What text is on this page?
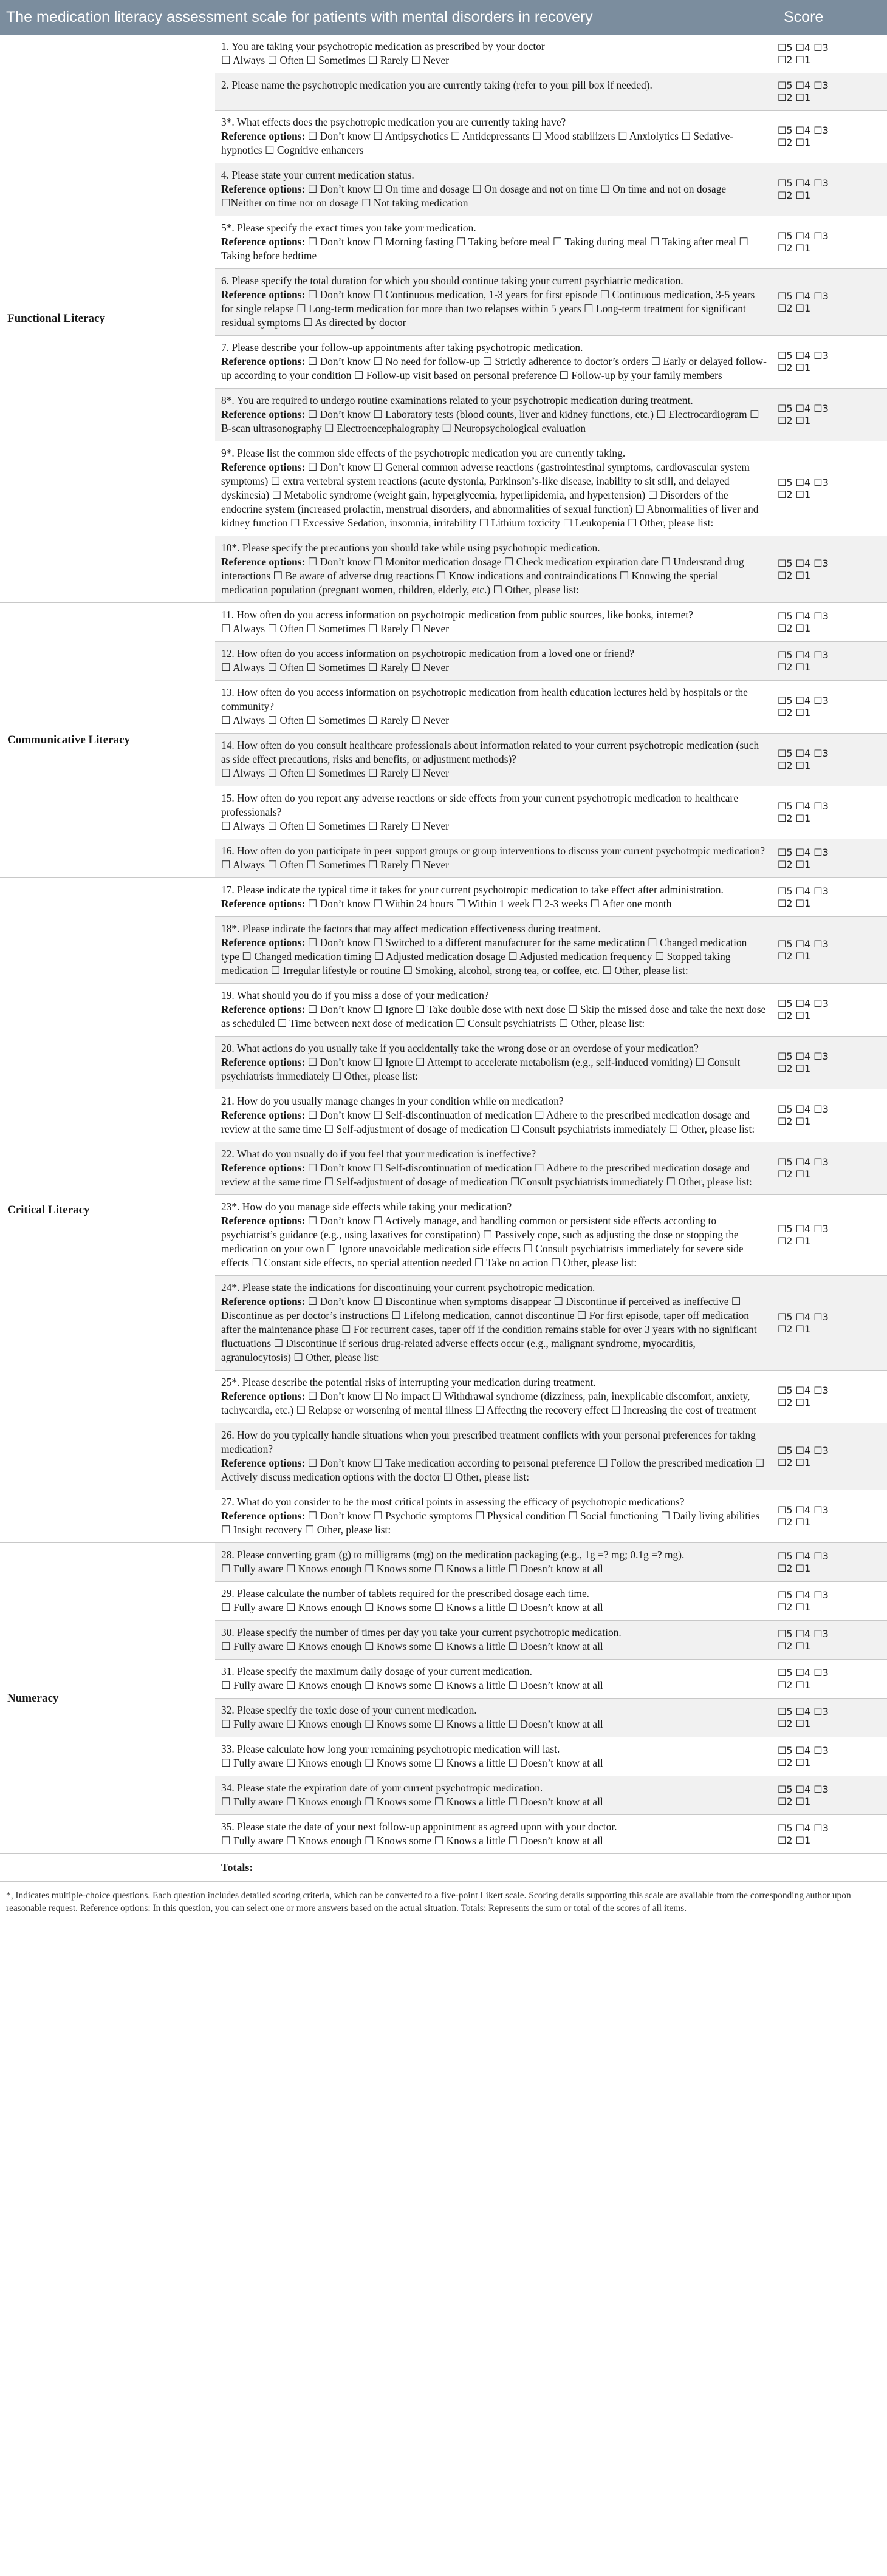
The medication literacy assessment scale for patients with mental disorders in recovery	Score
Functional Literacy	1. You are taking your psychotropic medication as prescribed by your doctor
☐ Always ☐ Often ☐ Sometimes ☐ Rarely ☐ Never	☐5 ☐4 ☐3
☐2 ☐1

	2. Please name the psychotropic medication you are currently taking (refer to your pill box if needed).	☐5 ☐4 ☐3
☐2 ☐1

	3*. What effects does the psychotropic medication you are currently taking have?
Reference options: ☐ Don’t know ☐ Antipsychotics ☐ Antidepressants ☐ Mood stabilizers ☐ Anxiolytics ☐ Sedative-hypnotics ☐ Cognitive enhancers	☐5 ☐4 ☐3
☐2 ☐1

	4. Please state your current medication status.
Reference options: ☐ Don’t know ☐ On time and dosage ☐ On dosage and not on time ☐ On time and not on dosage ☐Neither on time nor on dosage ☐ Not taking medication	☐5 ☐4 ☐3
☐2 ☐1

	5*. Please specify the exact times you take your medication.
Reference options: ☐ Don’t know ☐ Morning fasting ☐ Taking before meal ☐ Taking during meal ☐ Taking after meal ☐ Taking before bedtime	☐5 ☐4 ☐3
☐2 ☐1

	6. Please specify the total duration for which you should continue taking your current psychiatric medication.
Reference options: ☐ Don’t know ☐ Continuous medication, 1-3 years for first episode ☐ Continuous medication, 3-5 years for single relapse ☐ Long-term medication for more than two relapses within 5 years ☐ Long-term treatment for significant residual symptoms ☐ As directed by doctor	☐5 ☐4 ☐3
☐2 ☐1

	7. Please describe your follow-up appointments after taking psychotropic medication.
Reference options: ☐ Don’t know ☐ No need for follow-up ☐ Strictly adherence to doctor’s orders ☐ Early or delayed follow-up according to your condition ☐ Follow-up visit based on personal preference ☐ Follow-up by your family members	☐5 ☐4 ☐3
☐2 ☐1

	8*. You are required to undergo routine examinations related to your psychotropic medication during treatment.
Reference options: ☐ Don’t know ☐ Laboratory tests (blood counts, liver and kidney functions, etc.) ☐ Electrocardiogram ☐ B-scan ultrasonography ☐ Electroencephalography ☐ Neuropsychological evaluation	☐5 ☐4 ☐3
☐2 ☐1

	9*. Please list the common side effects of the psychotropic medication you are currently taking.
Reference options: ☐ Don’t know ☐ General common adverse reactions (gastrointestinal symptoms, cardiovascular system symptoms) ☐ extra vertebral system reactions (acute dystonia, Parkinson’s-like disease, inability to sit still, and delayed dyskinesia) ☐ Metabolic syndrome (weight gain, hyperglycemia, hyperlipidemia, and hypertension) ☐ Disorders of the endocrine system (increased prolactin, menstrual disorders, and abnormalities of sexual function) ☐ Abnormalities of liver and kidney function ☐ Excessive Sedation, insomnia, irritability ☐ Lithium toxicity ☐ Leukopenia ☐ Other, please list:	☐5 ☐4 ☐3
☐2 ☐1

	10*. Please specify the precautions you should take while using psychotropic medication.
Reference options: ☐ Don’t know ☐ Monitor medication dosage ☐ Check medication expiration date ☐ Understand drug interactions ☐ Be aware of adverse drug reactions ☐ Know indications and contraindications ☐ Knowing the special medication population (pregnant women, children, elderly, etc.) ☐ Other, please list:	☐5 ☐4 ☐3
☐2 ☐1
Communicative Literacy	11. How often do you access information on psychotropic medication from public sources, like books, internet?
☐ Always ☐ Often ☐ Sometimes ☐ Rarely ☐ Never	☐5 ☐4 ☐3
☐2 ☐1

	12. How often do you access information on psychotropic medication from a loved one or friend?
☐ Always ☐ Often ☐ Sometimes ☐ Rarely ☐ Never	☐5 ☐4 ☐3
☐2 ☐1

	13. How often do you access information on psychotropic medication from health education lectures held by hospitals or the community?
☐ Always ☐ Often ☐ Sometimes ☐ Rarely ☐ Never	☐5 ☐4 ☐3
☐2 ☐1

	14. How often do you consult healthcare professionals about information related to your current psychotropic medication (such as side effect precautions, risks and benefits, or adjustment methods)?
☐ Always ☐ Often ☐ Sometimes ☐ Rarely ☐ Never	☐5 ☐4 ☐3
☐2 ☐1

	15. How often do you report any adverse reactions or side effects from your current psychotropic medication to healthcare professionals?
☐ Always ☐ Often ☐ Sometimes ☐ Rarely ☐ Never	☐5 ☐4 ☐3
☐2 ☐1

	16. How often do you participate in peer support groups or group interventions to discuss your current psychotropic medication?
☐ Always ☐ Often ☐ Sometimes ☐ Rarely ☐ Never	☐5 ☐4 ☐3
☐2 ☐1
Critical Literacy	17. Please indicate the typical time it takes for your current psychotropic medication to take effect after administration.
Reference options: ☐ Don’t know ☐ Within 24 hours ☐ Within 1 week ☐ 2-3 weeks ☐ After one month	☐5 ☐4 ☐3
☐2 ☐1

	18*. Please indicate the factors that may affect medication effectiveness during treatment.
Reference options: ☐ Don’t know ☐ Switched to a different manufacturer for the same medication ☐ Changed medication type ☐ Changed medication timing ☐ Adjusted medication dosage ☐ Adjusted medication frequency ☐ Stopped taking medication ☐ Irregular lifestyle or routine ☐ Smoking, alcohol, strong tea, or coffee, etc. ☐ Other, please list:	☐5 ☐4 ☐3
☐2 ☐1

	19. What should you do if you miss a dose of your medication?
Reference options: ☐ Don’t know ☐ Ignore ☐ Take double dose with next dose ☐ Skip the missed dose and take the next dose as scheduled ☐ Time between next dose of medication ☐ Consult psychiatrists ☐ Other, please list:	☐5 ☐4 ☐3
☐2 ☐1

	20. What actions do you usually take if you accidentally take the wrong dose or an overdose of your medication?
Reference options: ☐ Don’t know ☐ Ignore ☐ Attempt to accelerate metabolism (e.g., self-induced vomiting) ☐ Consult psychiatrists immediately ☐ Other, please list:	☐5 ☐4 ☐3
☐2 ☐1

	21. How do you usually manage changes in your condition while on medication?
Reference options: ☐ Don’t know ☐ Self-discontinuation of medication ☐ Adhere to the prescribed medication dosage and review at the same time ☐ Self-adjustment of dosage of medication ☐ Consult psychiatrists immediately ☐ Other, please list:	☐5 ☐4 ☐3
☐2 ☐1

	22. What do you usually do if you feel that your medication is ineffective?
Reference options: ☐ Don’t know ☐ Self-discontinuation of medication ☐ Adhere to the prescribed medication dosage and review at the same time ☐ Self-adjustment of dosage of medication ☐Consult psychiatrists immediately ☐ Other, please list:	☐5 ☐4 ☐3
☐2 ☐1

	23*. How do you manage side effects while taking your medication?
Reference options: ☐ Don’t know ☐ Actively manage, and handling common or persistent side effects according to psychiatrist’s guidance (e.g., using laxatives for constipation) ☐ Passively cope, such as adjusting the dose or stopping the medication on your own ☐ Ignore unavoidable medication side effects ☐ Consult psychiatrists immediately for severe side effects ☐ Constant side effects, no special attention needed ☐ Take no action ☐ Other, please list:	☐5 ☐4 ☐3
☐2 ☐1

	24*. Please state the indications for discontinuing your current psychotropic medication.
Reference options: ☐ Don’t know ☐ Discontinue when symptoms disappear ☐ Discontinue if perceived as ineffective ☐ Discontinue as per doctor’s instructions ☐ Lifelong medication, cannot discontinue ☐ For first episode, taper off medication after the maintenance phase ☐ For recurrent cases, taper off if the condition remains stable for over 3 years with no significant fluctuations ☐ Discontinue if serious drug-related adverse effects occur (e.g., malignant syndrome, myocarditis, agranulocytosis) ☐ Other, please list:	☐5 ☐4 ☐3
☐2 ☐1

	25*. Please describe the potential risks of interrupting your medication during treatment.
Reference options: ☐ Don’t know ☐ No impact ☐ Withdrawal syndrome (dizziness, pain, inexplicable discomfort, anxiety, tachycardia, etc.) ☐ Relapse or worsening of mental illness ☐ Affecting the recovery effect ☐ Increasing the cost of treatment	☐5 ☐4 ☐3
☐2 ☐1

	26. How do you typically handle situations when your prescribed treatment conflicts with your personal preferences for taking medication?
Reference options: ☐ Don’t know ☐ Take medication according to personal preference ☐ Follow the prescribed medication ☐ Actively discuss medication options with the doctor ☐ Other, please list:	☐5 ☐4 ☐3
☐2 ☐1

	27. What do you consider to be the most critical points in assessing the efficacy of psychotropic medications?
Reference options: ☐ Don’t know ☐ Psychotic symptoms ☐ Physical condition ☐ Social functioning ☐ Daily living abilities ☐ Insight recovery ☐ Other, please list:	☐5 ☐4 ☐3
☐2 ☐1
Numeracy	28. Please converting gram (g) to milligrams (mg) on the medication packaging (e.g., 1g =? mg; 0.1g =? mg).
☐ Fully aware ☐ Knows enough ☐ Knows some ☐ Knows a little ☐ Doesn’t know at all	☐5 ☐4 ☐3
☐2 ☐1

	29. Please calculate the number of tablets required for the prescribed dosage each time.
☐ Fully aware ☐ Knows enough ☐ Knows some ☐ Knows a little ☐ Doesn’t know at all	☐5 ☐4 ☐3
☐2 ☐1

	30. Please specify the number of times per day you take your current psychotropic medication.
☐ Fully aware ☐ Knows enough ☐ Knows some ☐ Knows a little ☐ Doesn’t know at all	☐5 ☐4 ☐3
☐2 ☐1

	31. Please specify the maximum daily dosage of your current medication.
☐ Fully aware ☐ Knows enough ☐ Knows some ☐ Knows a little ☐ Doesn’t know at all	☐5 ☐4 ☐3
☐2 ☐1

	32. Please specify the toxic dose of your current medication.
☐ Fully aware ☐ Knows enough ☐ Knows some ☐ Knows a little ☐ Doesn’t know at all	☐5 ☐4 ☐3
☐2 ☐1

	33. Please calculate how long your remaining psychotropic medication will last.
☐ Fully aware ☐ Knows enough ☐ Knows some ☐ Knows a little ☐ Doesn’t know at all	☐5 ☐4 ☐3
☐2 ☐1

	34. Please state the expiration date of your current psychotropic medication.
☐ Fully aware ☐ Knows enough ☐ Knows some ☐ Knows a little ☐ Doesn’t know at all	☐5 ☐4 ☐3
☐2 ☐1

	35. Please state the date of your next follow-up appointment as agreed upon with your doctor.
☐ Fully aware ☐ Knows enough ☐ Knows some ☐ Knows a little ☐ Doesn’t know at all	☐5 ☐4 ☐3
☐2 ☐1
	Totals:	
*, Indicates multiple-choice questions. Each question includes detailed scoring criteria, which can be converted to a five-point Likert scale. Scoring details supporting this scale are available from the corresponding author upon reasonable request. Reference options: In this question, you can select one or more answers based on the actual situation. Totals: Represents the sum or total of the scores of all items.
